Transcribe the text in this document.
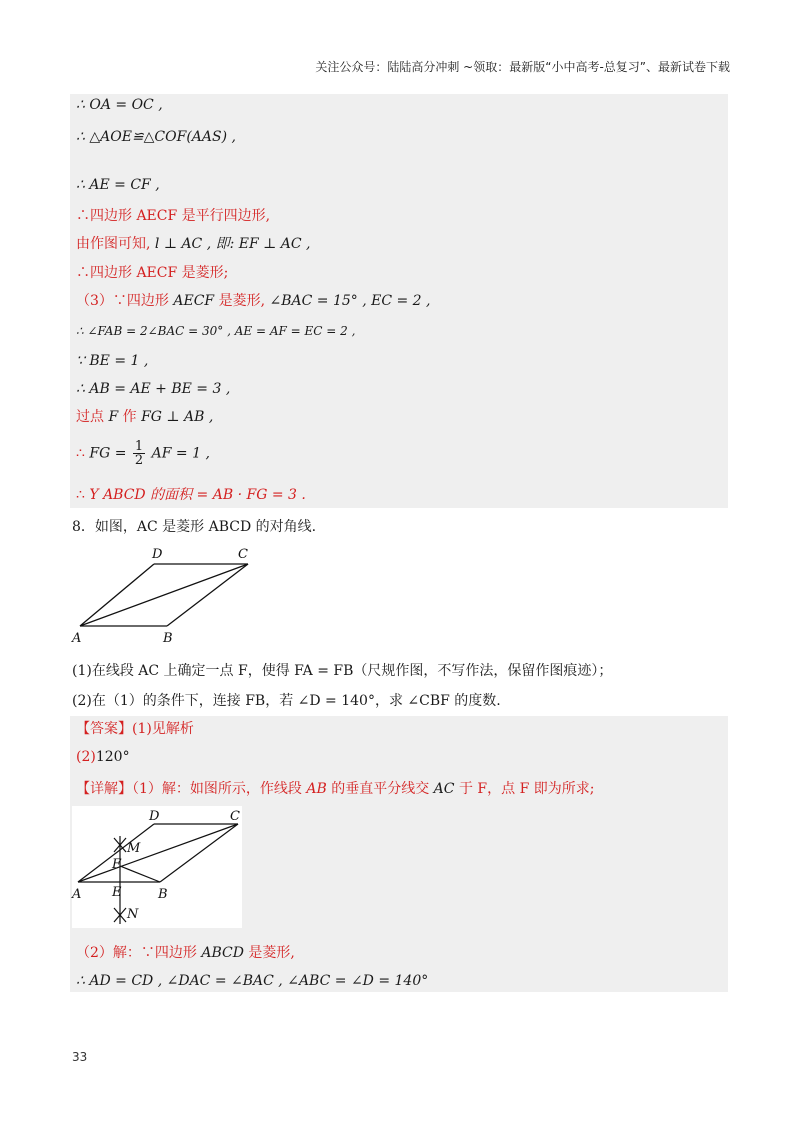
关注公众号：陆陆高分冲刺 ~领取：最新版“小中高考-总复习”、最新试卷下载
∴ OA = OC ,
∴ △AOE≌△COF(AAS) ,
∴ AE = CF ,
∴四边形 AECF 是平行四边形,
由作图可知, l ⊥ AC , 即: EF ⊥ AC ,
∴四边形 AECF 是菱形;
（3）∵四边形 AECF 是菱形, ∠BAC = 15° , EC = 2 ,
∴ ∠FAB = 2∠BAC = 30° , AE = AF = EC = 2 ,
∵ BE = 1 ,
∴ AB = AE + BE = 3 ,
过点 F 作 FG ⊥ AB ,
∴ FG = $\frac{1}{2}$ AF = 1 ,
∴ Y ABCD 的面积 = AB · FG = 3 .
8．如图，AC 是菱形 ABCD 的对角线.
A	B
C
D
(1)在线段 AC 上确定一点 F，使得 FA = FB（尺规作图，不写作法，保留作图痕迹）；
(2)在（1）的条件下，连接 FB，若 ∠D = 140°，求 ∠CBF 的度数.
【答案】(1)见解析
(2)120°
【详解】（1）解：如图所示，作线段 AB 的垂直平分线交 AC 于 F，点 F 即为所求;
A	B
C
D
E
F
M
N
（2）解：∵四边形 ABCD 是菱形,
∴ AD = CD , ∠DAC = ∠BAC , ∠ABC = ∠D = 140°
33
